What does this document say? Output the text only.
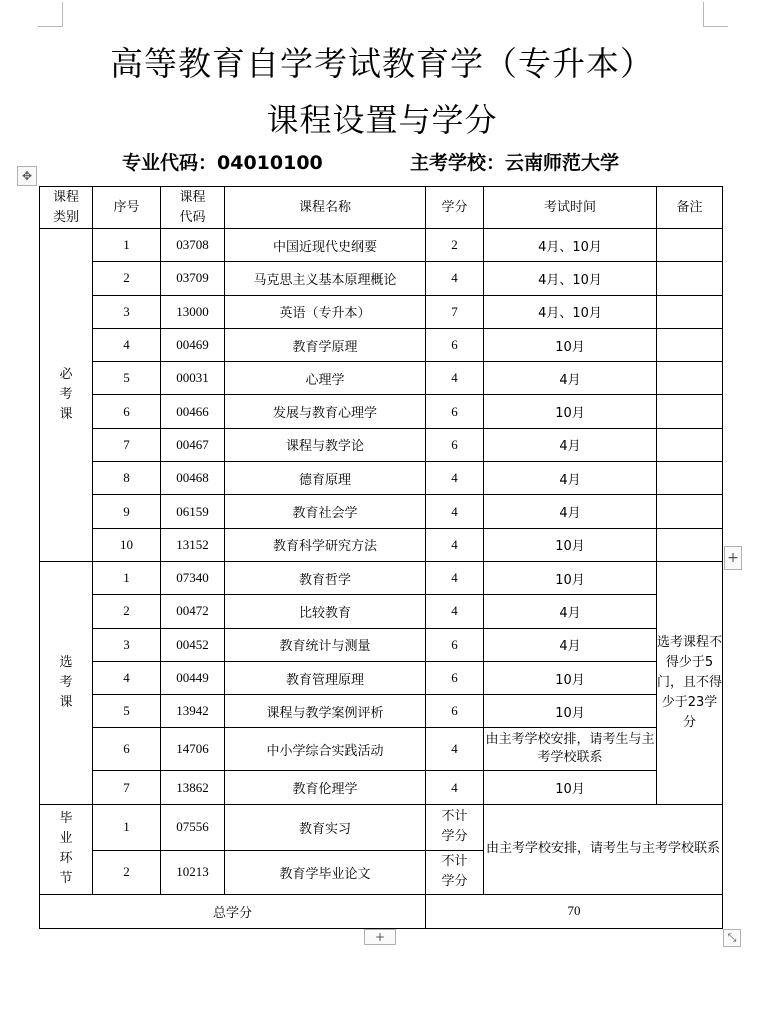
高等教育自学考试教育学（专升本）
课程设置与学分
专业代码：04010100	主考学校：云南师范大学
✥
课程类别	序号	课程代码	课程名称	学分	考试时间	备注
必考课	1	03708	中国近现代史纲要	2	4月、10月	
	2	03709	马克思主义基本原理概论	4	4月、10月	
	3	13000	英语（专升本）	7	4月、10月	
	4	00469	教育学原理	6	10月	
	5	00031	心理学	4	4月	
	6	00466	发展与教育心理学	6	10月	
	7	00467	课程与教学论	6	4月	
	8	00468	德育原理	4	4月	
	9	06159	教育社会学	4	4月	
	10	13152	教育科学研究方法	4	10月	
选考课	1	07340	教育哲学	4	10月	选考课程不得少于5门，且不得少于23学分
	2	00472	比较教育	4	4月	
	3	00452	教育统计与测量	6	4月	
	4	00449	教育管理原理	6	10月	
	5	13942	课程与教学案例评析	6	10月	
	6	14706	中小学综合实践活动	4	由主考学校安排，请考生与主考学校联系	
	7	13862	教育伦理学	4	10月	
毕业环节	1	07556	教育实习	不计学分	由主考学校安排，请考生与主考学校联系	
	2	10213	教育学毕业论文	不计学分		
总学分				70		
+
+	⤡
